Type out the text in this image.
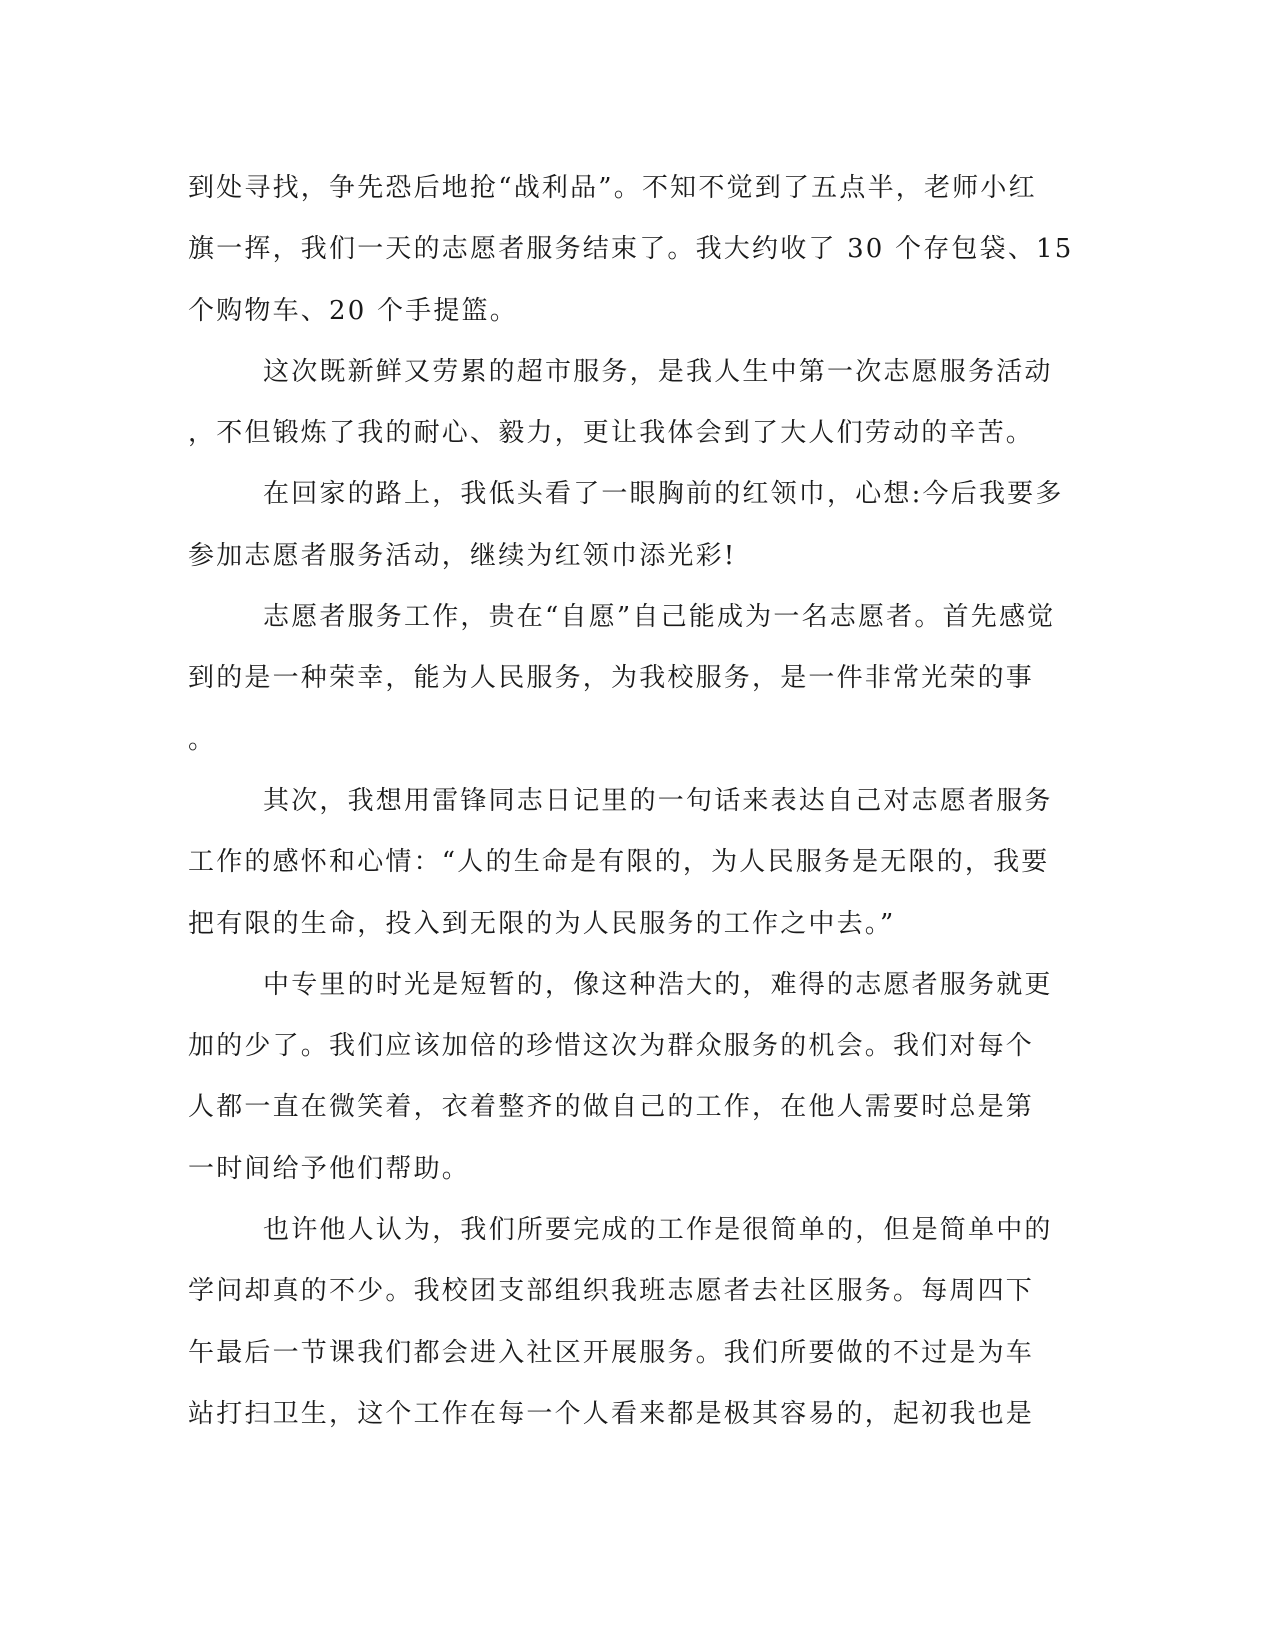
到处寻找，争先恐后地抢“战利品”。不知不觉到了五点半，老师小红
旗一挥，我们一天的志愿者服务结束了。我大约收了 30 个存包袋、15
个购物车、20 个手提篮。
这次既新鲜又劳累的超市服务，是我人生中第一次志愿服务活动
，不但锻炼了我的耐心、毅力，更让我体会到了大人们劳动的辛苦。
在回家的路上，我低头看了一眼胸前的红领巾，心想:今后我要多
参加志愿者服务活动，继续为红领巾添光彩!
志愿者服务工作，贵在“自愿”自己能成为一名志愿者。首先感觉
到的是一种荣幸，能为人民服务，为我校服务，是一件非常光荣的事
。
其次，我想用雷锋同志日记里的一句话来表达自己对志愿者服务
工作的感怀和心情：“人的生命是有限的，为人民服务是无限的，我要
把有限的生命，投入到无限的为人民服务的工作之中去。”
中专里的时光是短暂的，像这种浩大的，难得的志愿者服务就更
加的少了。我们应该加倍的珍惜这次为群众服务的机会。我们对每个
人都一直在微笑着，衣着整齐的做自己的工作，在他人需要时总是第
一时间给予他们帮助。
也许他人认为，我们所要完成的工作是很简单的，但是简单中的
学问却真的不少。我校团支部组织我班志愿者去社区服务。每周四下
午最后一节课我们都会进入社区开展服务。我们所要做的不过是为车
站打扫卫生，这个工作在每一个人看来都是极其容易的，起初我也是
